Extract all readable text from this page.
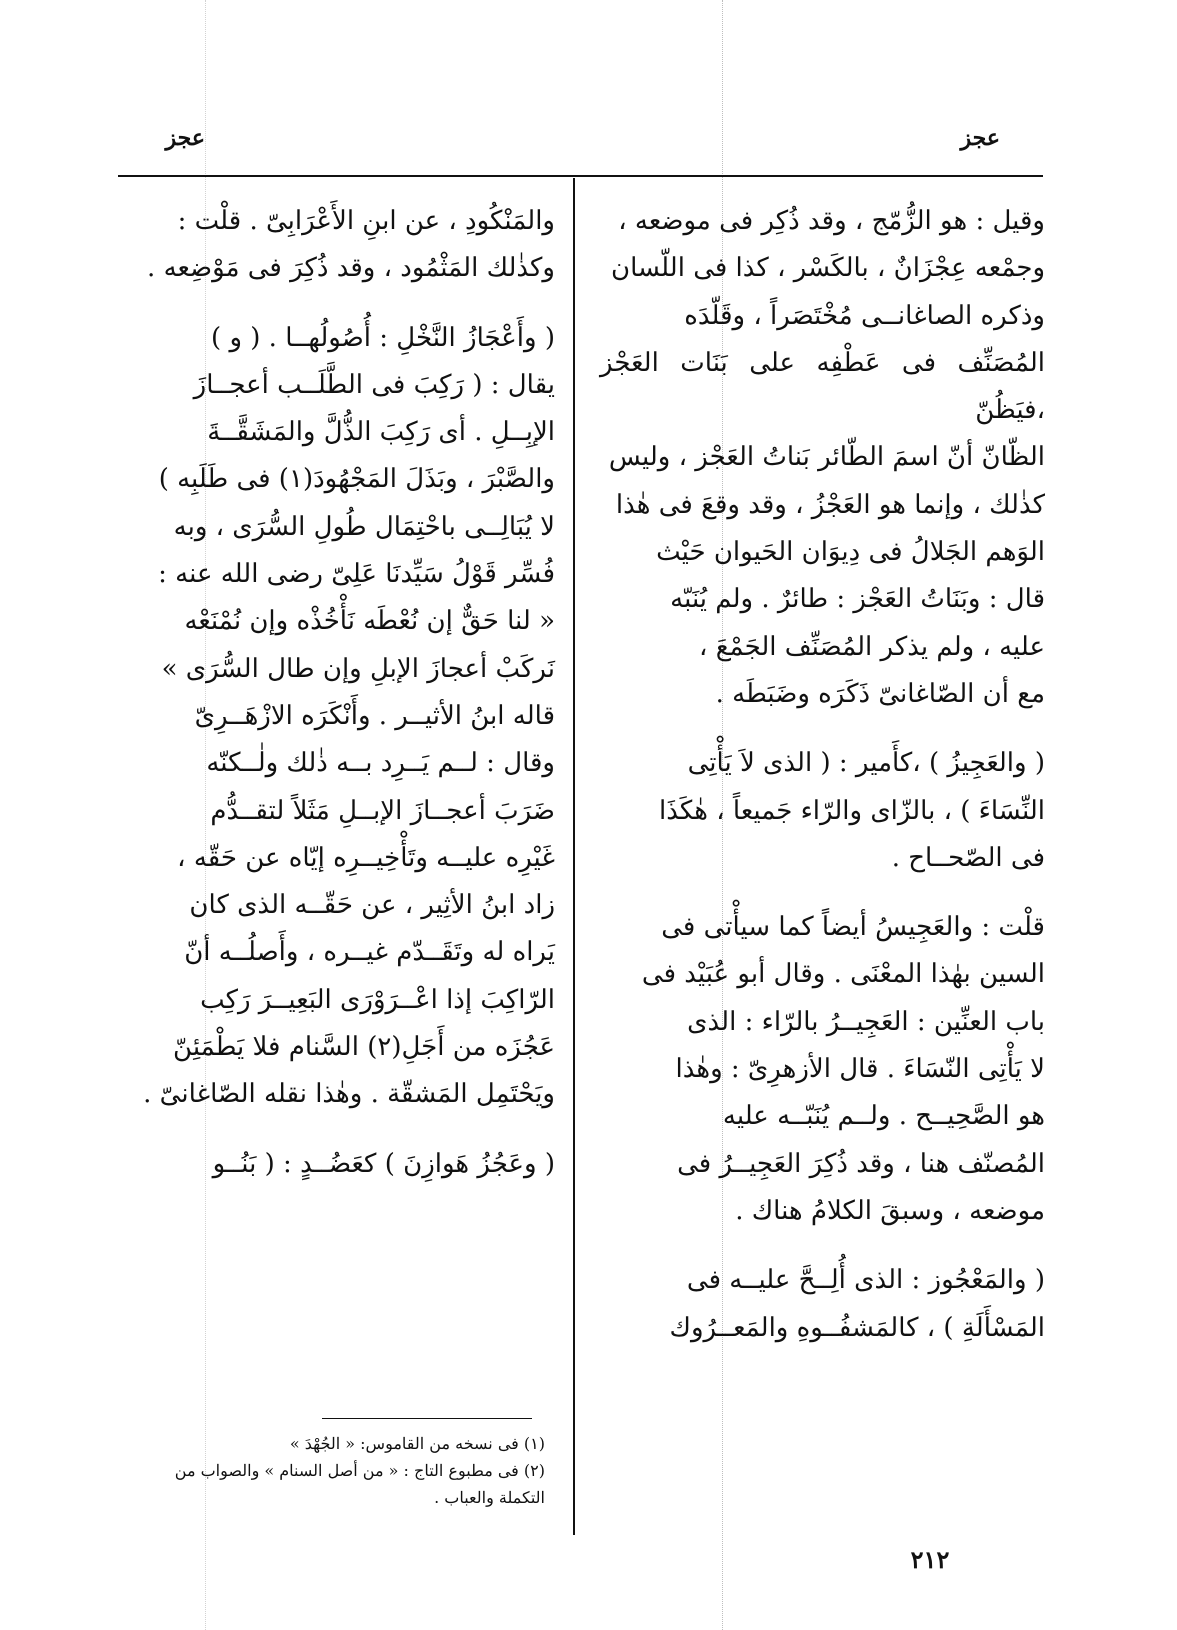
عجز
عجز

وقيل : هو الزُّمّج ، وقد ذُكِر فى موضعه ،

وجمْعه عِجْزَانٌ ، بالكَسْر ، كذا فى اللّسان

وذكره الصاغانــى مُخْتَصَراً ، وقَلّدَه

المُصَنِّف فى عَطْفِه على بَنَات العَجْز ،فيَظُنّ

الظّانّ أنّ اسمَ الطّائر بَناتُ العَجْز ، وليس

كذٰلك ، وإنما هو العَجْزُ ، وقد وقعَ فى هٰذا

الوَهم الجَلالُ فى دِيوَان الحَيوان حَيْث

قال : وبَنَاتُ العَجْز : طائرٌ . ولم يُنَبّه

عليه ، ولم يذكر المُصَنِّف الجَمْعَ ،

مع أن الصّاغانىّ ذَكَرَه وضَبَطَه .

( والعَجِيزُ ) ،كأَمير : ( الذى لاَ يَأْتِى

النِّسَاءَ ) ، بالزّاى والرّاء جَميعاً ، هٰكَذَا

فى الصّحــاح .

قلْت : والعَجِيسُ أيضاً كما سيأْتى فى

السين بهٰذا المعْنَى . وقال أبو عُبَيْد فى

باب العنِّين : العَجِيــرُ بالرّاء : الذى

لا يَأْتِى النّسَاءَ . قال الأزهرِىّ : وهٰذا

هو الصَّحِيــح . ولــم يُنَبّــه عليه

المُصنّف هنا ، وقد ذُكِرَ العَجِيــرُ فى

موضعه ، وسبقَ الكلامُ هناك .

( والمَعْجُوز : الذى أُلِــحَّ عليــه فى

المَسْأَلَةِ ) ، كالمَشفُــوهِ والمَعــرُوك

والمَنْكُودِ ، عن ابنِ الأَعْرَابِىّ . قلْت :

وكذٰلك المَثْمُود ، وقد ذُكِرَ فى مَوْضِعه .

( وأَعْجَازُ النَّخْلِ : أُصُولُهــا . ( و )

يقال : ( رَكِبَ فى الطَّلَــب أعجــازَ

الإبِــلِ . أى رَكِبَ الذُّلَّ والمَشَقَّــةَ

والصَّبْرَ ، وبَذَلَ المَجْهُودَ(١) فى طَلَبِه )

لا يُبَالِــى باحْتِمَال طُولِ السُّرَى ، وبه

فُسِّر قَوْلُ سَيِّدنَا عَلِىّ رضى الله عنه :

« لنا حَقٌّ إن نُعْطَه نَأْخُذْه وإن نُمْنَعْه

نَركَبْ أعجازَ الإبلِ وإن طال السُّرَى »

قاله ابنُ الأثيــر . وأَنْكَرَه الازْهَــرِىّ

وقال : لــم يَــرِد بــه ذٰلك ولٰــكنّه

ضَرَبَ أعجــازَ الإبــلِ مَثَلاً لتقــدُّم

غَيْرِه عليــه وتَأْخِيــرِه إيّاه عن حَقّه ،

زاد ابنُ الأثِير ، عن حَقّــه الذى كان

يَراه له وتَقَــدّم غيــره ، وأَصلُــه أنّ

الرّاكِبَ إذا اعْــرَوْرَى البَعِيــرَ رَكِب

عَجُزَه من أَجَلِ(٢) السَّنام فلا يَطْمَئِنّ

ويَحْتَمِل المَشقّة . وهٰذا نقله الصّاغانىّ .

( وعَجُزُ هَوازِنَ ) كعَضُــدٍ : ( بَنُــو

(١) فى نسخه من القاموس: « الجُهْدَ »
(٢) فى مطبوع التاج : « من أصل السنام » والصواب من
التكملة والعباب .
٢١٢
